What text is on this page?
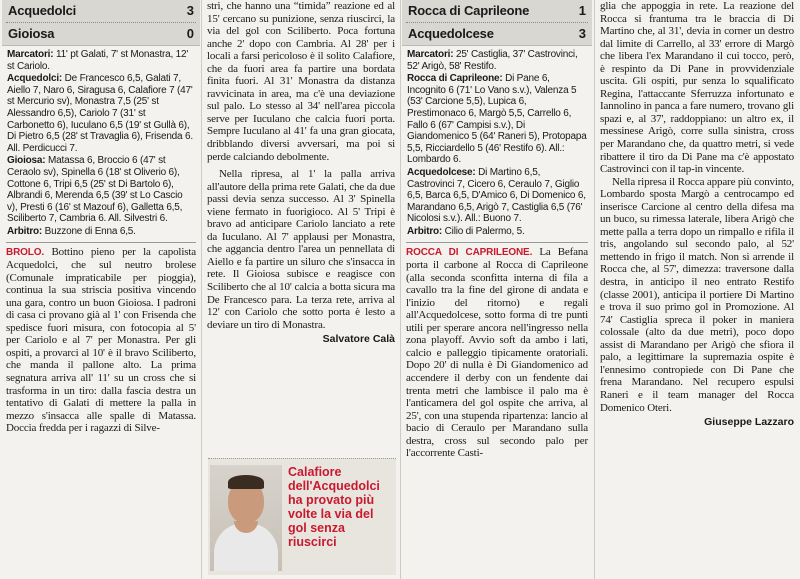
Acquedolci	3
Gioiosa	0

Marcatori: 11' pt Galati, 7' st Monastra, 12' st Cariolo.

Acquedolci: De Francesco 6,5, Galati 7, Aiello 7, Naro 6, Siragusa 6, Calafiore 7 (47' st Mercurio sv), Monastra 7,5 (25' st Alessandro 6,5), Cariolo 7 (31' st Carbonetto 6), Iuculano 6,5 (19' st Gullà 6), Di Pietro 6,5 (28' st Travaglia 6), Frisenda 6. All. Perdicucci 7.

Gioiosa: Matassa 6, Broccio 6 (47' st Ceraolo sv), Spinella 6 (18' st Oliverio 6), Cottone 6, Tripi 6,5 (25' st Di Bartolo 6), Albrandi 6, Merenda 6,5 (39' st Lo Cascio v), Presti 6 (16' st Mazouf 6), Galletta 6,5, Sciliberto 7, Cambria 6. All. Silvestri 6.

Arbitro: Buzzone di Enna 6,5.

BROLO. Bottino pieno per la capolista Acquedolci, che sul neutro brolese (Comunale impraticabile per pioggia), continua la sua striscia positiva vincendo una gara, contro un buon Gioiosa. I padroni di casa ci provano già al 1' con Frisenda che spedisce fuori misura, con fotocopia al 5' per Cariolo e al 7' per Monastra. Per gli ospiti, a provarci al 10' è il bravo Sciliberto, che manda il pallone alto. La prima segnatura arriva all' 11' su un cross che si trasforma in un tiro: dalla fascia destra un tentativo di Galati di mettere la palla in mezzo s'insacca alle spalle di Matassa. Doccia fredda per i ragazzi di Silve-

stri, che hanno una “timida” reazione ed al 15' cercano su punizione, senza riuscirci, la via del gol con Sciliberto. Poca fortuna anche 2' dopo con Cambria. Al 28' per i locali a farsi pericoloso è il solito Calafiore, che da fuori area fa partire una bordata finita fuori. Al 31' Monastra da distanza ravvicinata in area, ma c'è una deviazione sul palo. Lo stesso al 34' nell'area piccola serve per Iuculano che calcia fuori porta. Sempre Iuculano al 41' fa una gran giocata, dribblando diversi avversari, ma poi si perde calciando debolmente.

Nella ripresa, al 1' la palla arriva all'autore della prima rete Galati, che da due passi devia senza successo. Al 3' Spinella viene fermato in fuorigioco. Al 5' Tripi è bravo ad anticipare Cariolo lanciato a rete da Iuculano. Al 7' applausi per Monastra, che aggancia dentro l'area un pennellata di Aiello e fa partire un siluro che s'insacca in rete. Il Gioiosa subisce e reagisce con Sciliberto che al 10' calcia a botta sicura ma De Francesco para. La terza rete, arriva al 12' con Cariolo che sotto porta è lesto a deviare un tiro di Monastra.

Salvatore Calà
Calafiore dell'Acquedolci ha provato più volte la via del gol senza riuscirci
Rocca di Caprileone	1
Acquedolcese	3

Marcatori: 25' Castiglia, 37' Castrovinci, 52' Arigò, 58' Restifo.

Rocca di Caprileone: Di Pane 6, Incognito 6 (71' Lo Vano s.v.), Valenza 5 (53' Carcione 5,5), Lupica 6, Prestimonaco 6, Margò 5,5, Carrello 6, Fallo 6 (67' Campisi s.v.), Di Giandomenico 5 (64' Raneri 5), Protopapa 5,5, Ricciardello 5 (46' Restifo 6). All.: Lombardo 6.

Acquedolcese: Di Martino 6,5, Castrovinci 7, Cicero 6, Ceraulo 7, Giglio 6,5, Barca 6,5, D'Amico 6, Di Domenico 6, Marandano 6,5, Arigò 7, Castiglia 6,5 (76' Nicolosi s.v.). All.: Buono 7.

Arbitro: Cilio di Palermo, 5.

ROCCA DI CAPRILEONE. La Befana porta il carbone al Rocca di Caprileone (alla seconda sconfitta interna di fila a cavallo tra la fine del girone di andata e l'inizio del ritorno) e regali all'Acquedolcese, sotto forma di tre punti utili per sperare ancora nell'ingresso nella zona playoff. Avvio soft da ambo i lati, calcio e palleggio tipicamente oratoriali. Dopo 20' di nulla è Di Giandomenico ad accendere il derby con un fendente dai trenta metri che lambisce il palo ma è l'anticamera del gol ospite che arriva, al 25', con una stupenda ripartenza: lancio al bacio di Ceraulo per Marandano sulla destra, cross sul secondo palo per l'accorrente Casti-

glia che appoggia in rete. La reazione del Rocca si frantuma tra le braccia di Di Martino che, al 31', devia in corner un destro dal limite di Carrello, al 33' errore di Margò che libera l'ex Marandano il cui tocco, però, è respinto da Di Pane in provvidenziale uscita. Gli ospiti, pur senza lo squalificato Regina, l'attaccante Sferruzza infortunato e Iannolino in panca a fare numero, trovano gli spazi e, al 37', raddoppiano: un altro ex, il messinese Arigò, corre sulla sinistra, cross per Marandano che, da quattro metri, si vede ribattere il tiro da Di Pane ma c'è appostato Castrovinci con il tap-in vincente.

Nella ripresa il Rocca appare più convinto, Lombardo sposta Margò a centrocampo ed inserisce Carcione al centro della difesa ma un buco, su rimessa laterale, libera Arigò che mette palla a terra dopo un rimpallo e rifila il tris, angolando sul secondo palo, al 52' mettendo in frigo il match. Non si arrende il Rocca che, al 57', dimezza: traversone dalla destra, in anticipo il neo entrato Restifo (classe 2001), anticipa il portiere Di Martino e trova il suo primo gol in Promozione. Al 74' Castiglia spreca il poker in maniera colossale (alto da due metri), poco dopo assist di Marandano per Arigò che sfiora il palo, a legittimare la supremazia ospite è l'ennesimo contropiede con Di Pane che frena Marandano. Nel recupero espulsi Raneri e il team manager del Rocca Domenico Oteri.

Giuseppe Lazzaro
